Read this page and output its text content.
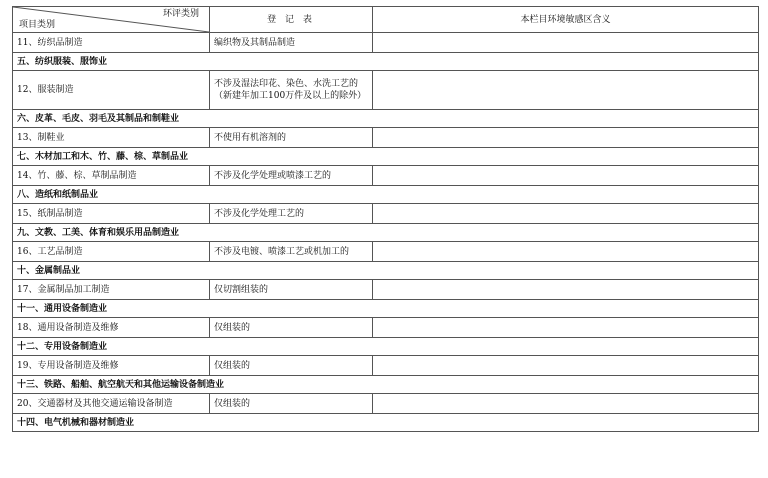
环评类别
项目类别	登 记 表	本栏目环境敏感区含义
11、纺织品制造	编织物及其制品制造	
五、纺织服装、服饰业		
12、服装制造	不涉及湿法印花、染色、水洗工艺的（新建年加工100万件及以上的除外）	
六、皮革、毛皮、羽毛及其制品和制鞋业		
13、制鞋业	不使用有机溶剂的	
七、木材加工和木、竹、藤、棕、草制品业		
14、竹、藤、棕、草制品制造	不涉及化学处理或喷漆工艺的	
八、造纸和纸制品业		
15、纸制品制造	不涉及化学处理工艺的	
九、文教、工美、体育和娱乐用品制造业		
16、工艺品制造	不涉及电镀、喷漆工艺或机加工的	
十、金属制品业		
17、金属制品加工制造	仅切割组装的	
十一、通用设备制造业		
18、通用设备制造及维修	仅组装的	
十二、专用设备制造业		
19、专用设备制造及维修	仅组装的	
十三、铁路、船舶、航空航天和其他运输设备制造业		
20、交通器材及其他交通运输设备制造	仅组装的	
十四、电气机械和器材制造业		
